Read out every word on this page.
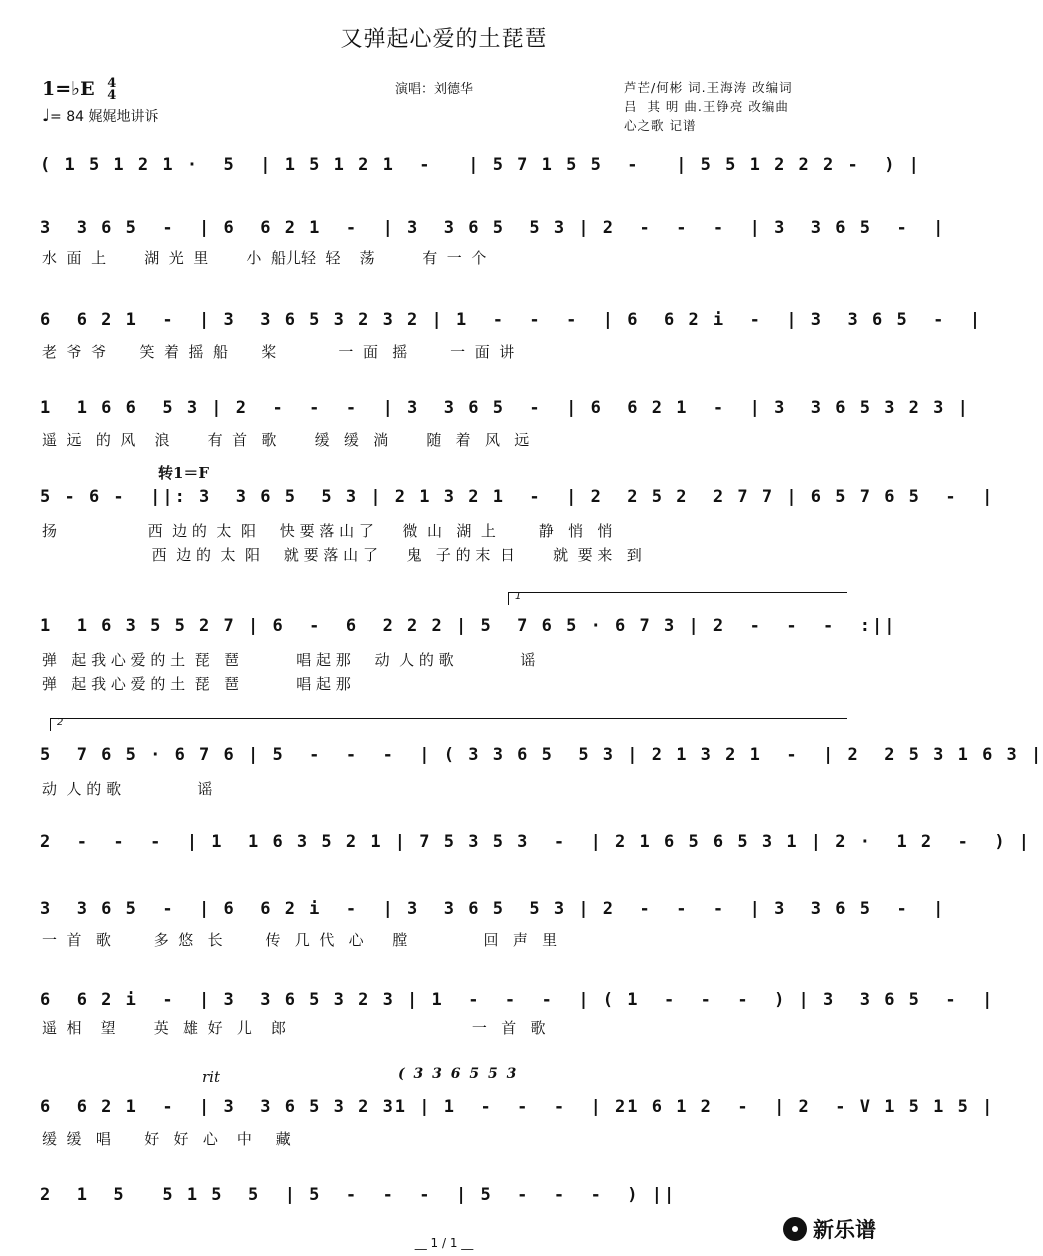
又弹起心爱的土琵琶
1=♭E 4
4
♩= 84 娓娓地讲诉
演唱：刘德华	芦芒/何彬 词.王海涛 改编词
吕  其 明 曲.王铮亮 改编曲
心之歌 记谱
( 1 5 1 2 1 ·  5  | 1 5 1 2 1  -   | 5 7 1 5 5  -   | 5 5 1 2 2 2 -  ) |
3  3 6 5  -  | 6  6 2 1  -  | 3  3 6 5  5 3 | 2  -  -  -  | 3  3 6 5  -  |
水  面  上        湖  光  里        小  船儿轻  轻    荡          有  一  个
6  6 2 1  -  | 3  3 6 5 3 2 3 2 | 1  -  -  -  | 6  6 2 i  -  | 3  3 6 5  -  |
老  爷  爷       笑  着  摇  船       桨             一  面   摇         一  面  讲
1  1 6 6  5 3 | 2  -  -  -  | 3  3 6 5  -  | 6  6 2 1  -  | 3  3 6 5 3 2 3 |
遥  远   的  风    浪        有  首   歌        缓   缓   淌        随   着   风   远
转1＝F
5 - 6 -  ||: 3  3 6 5  5 3 | 2 1 3 2 1  -  | 2  2 5 2  2 7 7 | 6 5 7 6 5  -  |
扬                   西  边 的  太  阳     快 要 落 山 了      微  山   湖  上         静   悄   悄
西  边 的  太  阳     就 要 落 山 了      鬼   子 的 末  日        就  要 来   到
1
1  1 6 3 5 5 2 7 | 6  -  6  2 2 2 | 5  7 6 5 · 6 7 3 | 2  -  -  -  :||
弹   起 我 心 爱 的 土  琵   琶            唱 起 那     动  人 的 歌              谣
弹   起 我 心 爱 的 土  琵   琶            唱 起 那
2
5  7 6 5 · 6 7 6 | 5  -  -  -  | ( 3 3 6 5  5 3 | 2 1 3 2 1  -  | 2  2 5 3 1 6 3 |
动  人 的 歌                谣
2  -  -  -  | 1  1 6 3 5 2 1 | 7 5 3 5 3  -  | 2 1 6 5 6 5 3 1 | 2 ·  1 2  -  ) |
3  3 6 5  -  | 6  6 2 i  -  | 3  3 6 5  5 3 | 2  -  -  -  | 3  3 6 5  -  |
一  首   歌         多  悠   长         传   几  代   心      膛                回   声   里
6  6 2 i  -  | 3  3 6 5 3 2 3 | 1  -  -  -  | ( 1  -  -  -  ) | 3  3 6 5  -  |
遥  相    望        英   雄  好   儿    郎                                       一   首   歌
rit	( 3 3 6 5 5 3
6  6 2 1  -  | 3  3 6 5 3 2 31 | 1  -  -  -  | 21 6 1 2  -  | 2  - V 1 5 1 5 |
缓  缓   唱       好   好   心    中     藏
2  1  5   5 1 5  5  | 5  -  -  -  | 5  -  -  -  ) ||
__ 1 / 1 __
新乐谱
